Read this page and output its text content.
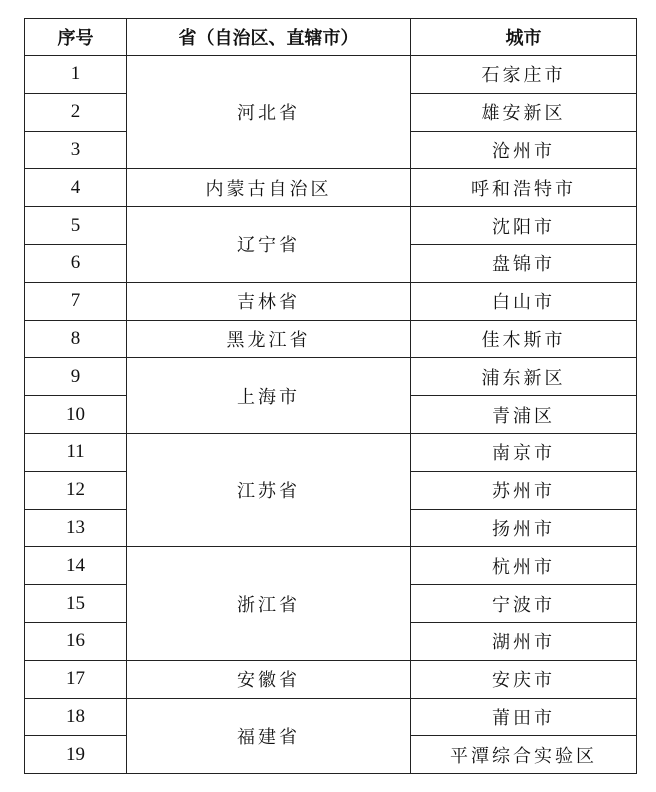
序号	省（自治区、直辖市）	城市
1	河北省	石家庄市
2		雄安新区
3		沧州市
4	内蒙古自治区	呼和浩特市
5	辽宁省	沈阳市
6		盘锦市
7	吉林省	白山市
8	黑龙江省	佳木斯市
9	上海市	浦东新区
10		青浦区
11	江苏省	南京市
12		苏州市
13		扬州市
14	浙江省	杭州市
15		宁波市
16		湖州市
17	安徽省	安庆市
18	福建省	莆田市
19		平潭综合实验区
